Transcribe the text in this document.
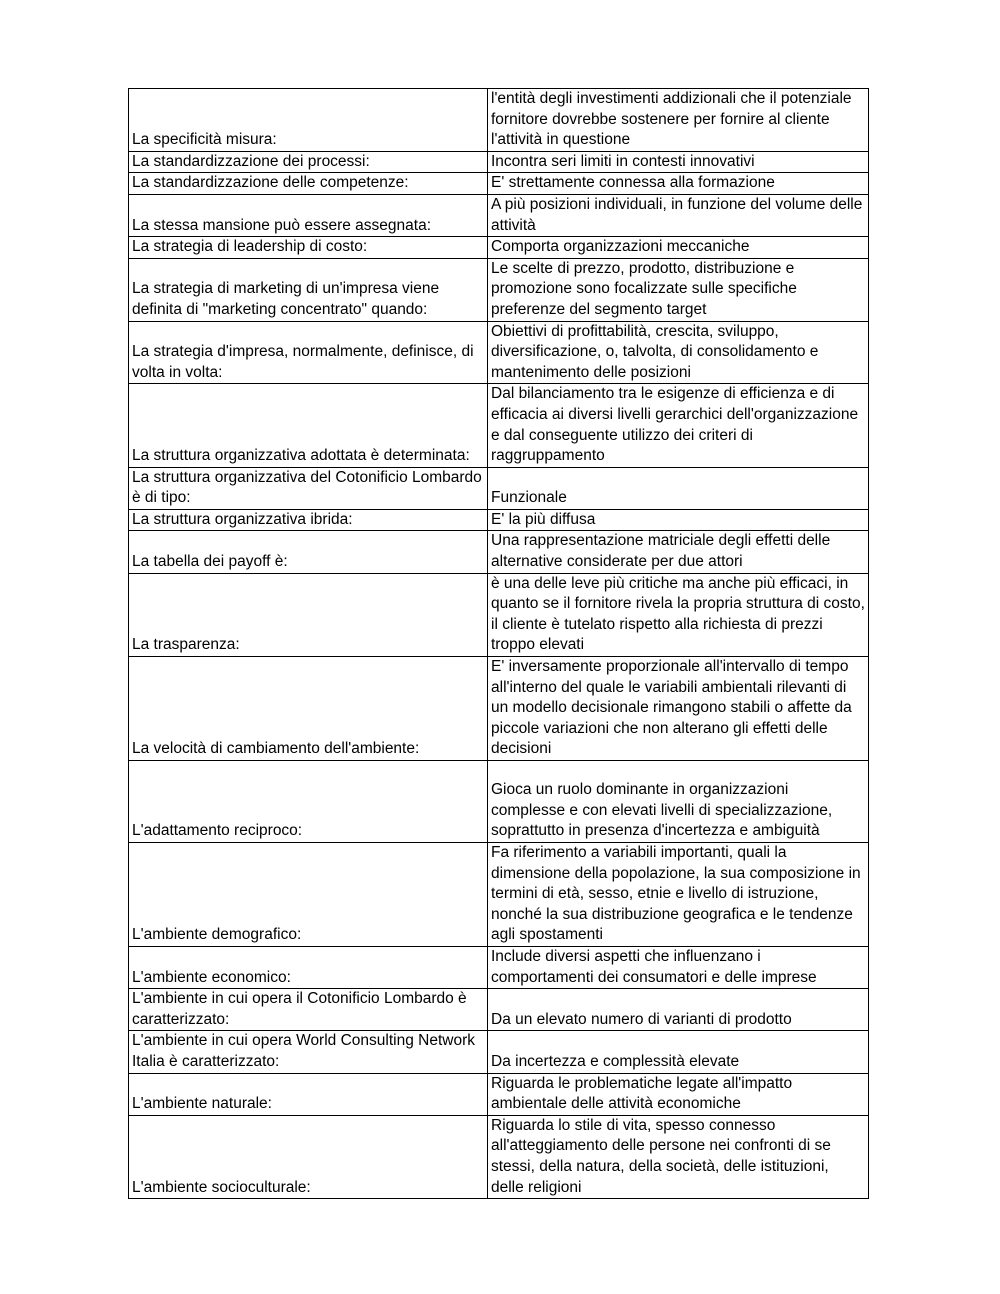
La specificità misura:	l'entità degli investimenti addizionali che il potenziale fornitore dovrebbe sostenere per fornire al cliente l'attività in questione
La standardizzazione dei processi:	Incontra seri limiti in contesti innovativi
La standardizzazione delle competenze:	E' strettamente connessa alla formazione
La stessa mansione può essere assegnata:	A più posizioni individuali, in funzione del volume delle attività
La strategia di leadership di costo:	Comporta organizzazioni meccaniche
La strategia di marketing di un'impresa viene definita di "marketing concentrato" quando:	Le scelte di prezzo, prodotto, distribuzione e promozione sono focalizzate sulle specifiche preferenze del segmento target
La strategia d'impresa, normalmente, definisce, di volta in volta:	Obiettivi di profittabilità, crescita, sviluppo, diversificazione, o, talvolta, di consolidamento e mantenimento delle posizioni
La struttura organizzativa adottata è determinata:	Dal bilanciamento tra le esigenze di efficienza e di efficacia ai diversi livelli gerarchici dell'organizzazione e dal conseguente utilizzo dei criteri di raggruppamento
La struttura organizzativa del Cotonificio Lombardo è di tipo:	Funzionale
La struttura organizzativa ibrida:	E' la più diffusa
La tabella dei payoff è:	Una rappresentazione matriciale degli effetti delle alternative considerate per due attori
La trasparenza:	è una delle leve più critiche ma anche più efficaci, in quanto se il fornitore rivela la propria struttura di costo, il cliente è tutelato rispetto alla richiesta di prezzi troppo elevati
La velocità di cambiamento dell'ambiente:	E' inversamente proporzionale all'intervallo di tempo all'interno del quale le variabili ambientali rilevanti di un modello decisionale rimangono stabili o affette da piccole variazioni che non alterano gli effetti delle decisioni
L'adattamento reciproco:	Gioca un ruolo dominante in organizzazioni complesse e con elevati livelli di specializzazione, soprattutto in presenza d'incertezza e ambiguità
L'ambiente demografico:	Fa riferimento a variabili importanti, quali la dimensione della popolazione, la sua composizione in termini di età, sesso, etnie e livello di istruzione, nonché la sua distribuzione geografica e le tendenze agli spostamenti
L'ambiente economico:	Include diversi aspetti che influenzano i comportamenti dei consumatori e delle imprese
L'ambiente in cui opera il Cotonificio Lombardo è caratterizzato:	Da un elevato numero di varianti di prodotto
L'ambiente in cui opera World Consulting Network Italia è caratterizzato:	Da incertezza e complessità elevate
L'ambiente naturale:	Riguarda le problematiche legate all'impatto ambientale delle attività economiche
L'ambiente socioculturale:	Riguarda lo stile di vita, spesso connesso all'atteggiamento delle persone nei confronti di se stessi, della natura, della società, delle istituzioni, delle religioni
